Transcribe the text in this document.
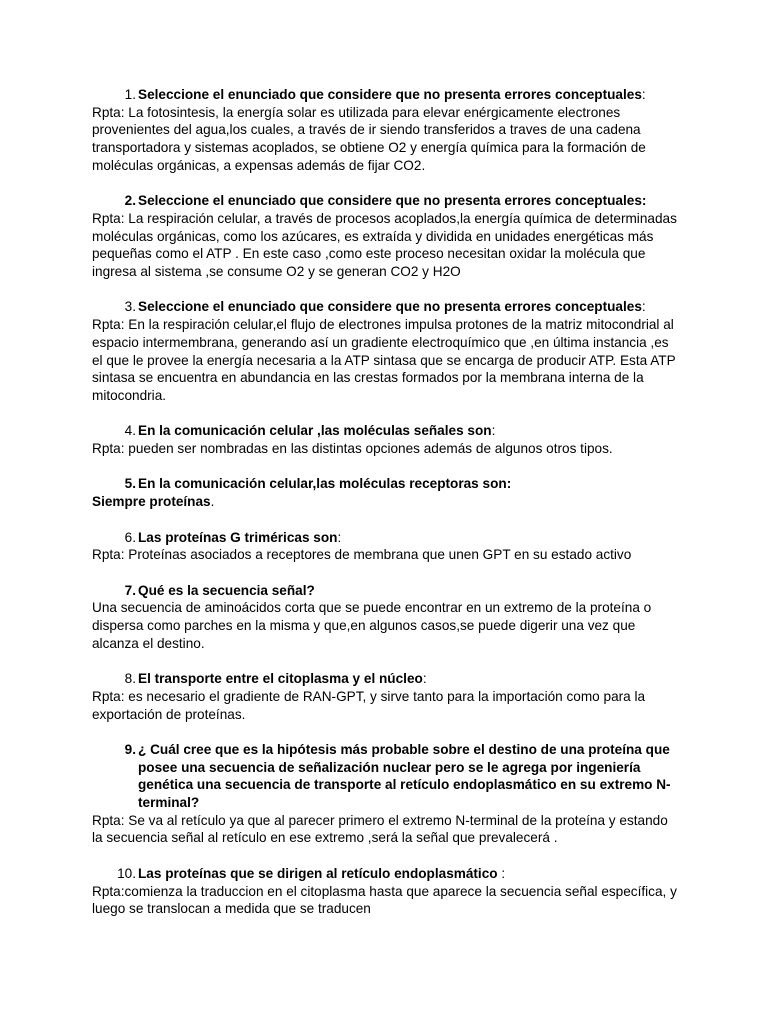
1. Seleccione el enunciado que considere que no presenta errores conceptuales:

Rpta: La fotosintesis, la energía solar es utilizada para elevar enérgicamente electrones provenientes del agua,los cuales, a través de ir siendo transferidos a traves de una cadena transportadora y sistemas acoplados, se obtiene O2 y energía química para la formación de moléculas orgánicas, a expensas además de fijar CO2.

2. Seleccione el enunciado que considere que no presenta errores conceptuales:

Rpta: La respiración celular, a través de procesos acoplados,la energía química de determinadas moléculas orgánicas, como los azúcares, es extraída y dividida en unidades energéticas más pequeñas como el ATP . En este caso ,como este proceso necesitan oxidar la molécula que ingresa al sistema ,se consume O2 y se generan CO2 y H2O

3. Seleccione el enunciado que considere que no presenta errores conceptuales:

Rpta: En la respiración celular,el flujo de electrones impulsa protones de la matriz mitocondrial al espacio intermembrana, generando así un gradiente electroquímico que ,en última instancia ,es el que le provee la energía necesaria a la ATP sintasa que se encarga de producir ATP. Esta ATP sintasa se encuentra en abundancia en las crestas formados por la membrana interna de la mitocondria.

4. En la comunicación celular ,las moléculas señales son:

Rpta: pueden ser nombradas en las distintas opciones además de algunos otros tipos.

5. En la comunicación celular,las moléculas receptoras son:

Siempre proteínas.

6. Las proteínas G triméricas son:

Rpta: Proteínas asociados a receptores de membrana que unen GPT en su estado activo

7. Qué es la secuencia señal?

Una secuencia de aminoácidos corta que se puede encontrar en un extremo de la proteína o dispersa como parches en la misma y que,en algunos casos,se puede digerir una vez que alcanza el destino.

8. El transporte entre el citoplasma y el núcleo:

Rpta: es necesario el gradiente de RAN-GPT, y sirve tanto para la importación como para la exportación de proteínas.

9. ¿ Cuál cree que es la hipótesis más probable sobre el destino de una proteína que posee una secuencia de señalización nuclear pero se le agrega por ingeniería genética una secuencia de transporte al retículo endoplasmático en su extremo N-terminal?

Rpta: Se va al retículo ya que al parecer primero el extremo N-terminal de la proteína y estando la secuencia señal al retículo en ese extremo ,será la señal que prevalecerá .

10. Las proteínas que se dirigen al retículo endoplasmático :

Rpta:comienza la traduccion en el citoplasma hasta que aparece la secuencia señal específica, y luego se translocan a medida que se traducen
